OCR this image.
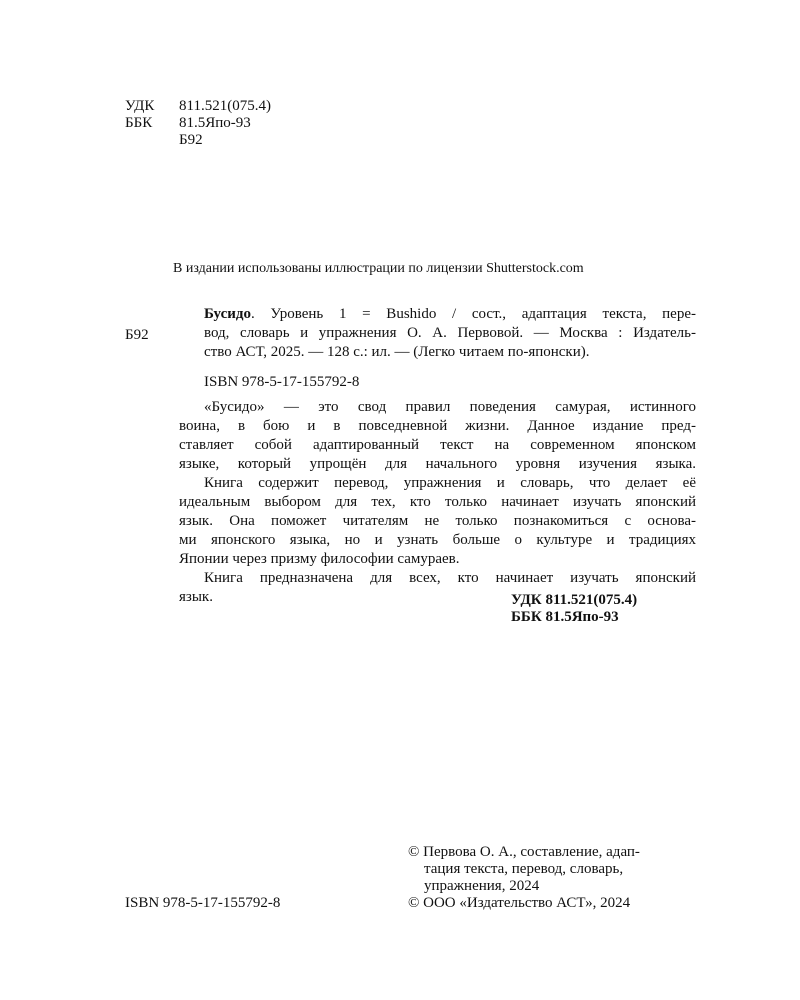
УДК 811.521(075.4)
ББК 81.5Япо-93
Б92
В издании использованы иллюстрации по лицензии Shutterstock.com
Б92
Бусидо. Уровень 1 = Bushido / сост., адаптация текста, пере-
вод, словарь и упражнения О. А. Первовой. — Москва : Издатель-
ство АСТ, 2025. — 128 с.: ил. — (Легко читаем по-японски).
ISBN 978-5-17-155792-8
«Бусидо» — это свод правил поведения самурая, истинного
воина, в бою и в повседневной жизни. Данное издание пред-
ставляет собой адаптированный текст на современном японском
языке, который упрощён для начального уровня изучения языка.
Книга содержит перевод, упражнения и словарь, что делает её
идеальным выбором для тех, кто только начинает изучать японский
язык. Она поможет читателям не только познакомиться с основа-
ми японского языка, но и узнать больше о культуре и традициях
Японии через призму философии самураев.
Книга предназначена для всех, кто начинает изучать японский
язык.	УДК 811.521(075.4)
ББК 81.5Япо-93
© Первова О. А., составление, адап-
тация текста, перевод, словарь,
упражнения, 2024
ISBN 978-5-17-155792-8	© ООО «Издательство АСТ», 2024
